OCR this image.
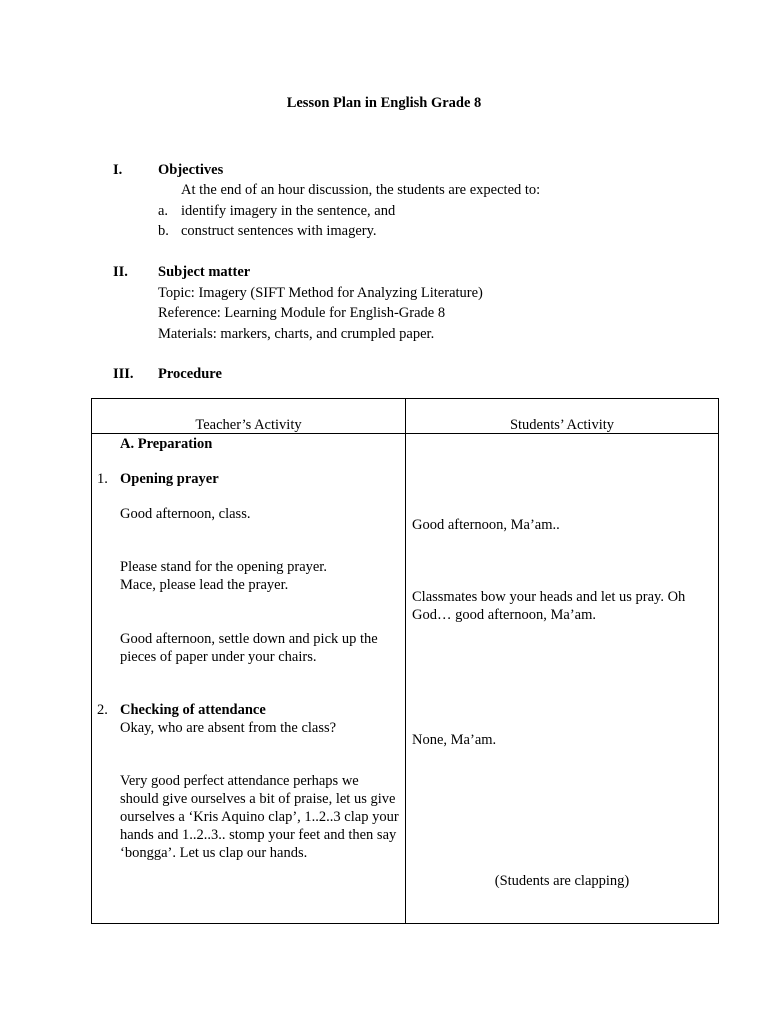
Lesson Plan in English Grade 8
I. Objectives
At the end of an hour discussion, the students are expected to:
a. identify imagery in the sentence, and
b. construct sentences with imagery.
II. Subject matter
Topic: Imagery (SIFT Method for Analyzing Literature)
Reference: Learning Module for English-Grade 8
Materials: markers, charts, and crumpled paper.
III. Procedure
Teacher’s Activity	Students’ Activity
A. Preparation
1. Opening prayer
Good afternoon, class.
Please stand for the opening prayer.
Mace, please lead the prayer.
Good afternoon, settle down and pick up the pieces of paper under your chairs.
2. Checking of attendance
Okay, who are absent from the class?
Very good perfect attendance perhaps we should give ourselves a bit of praise, let us give ourselves a ‘Kris Aquino clap’, 1..2..3 clap your hands and 1..2..3.. stomp your feet and then say ‘bongga’. Let us clap our hands.
Good afternoon, Ma’am..
Classmates bow your heads and let us pray. Oh God… good afternoon, Ma’am.
None, Ma’am.
(Students are clapping)
